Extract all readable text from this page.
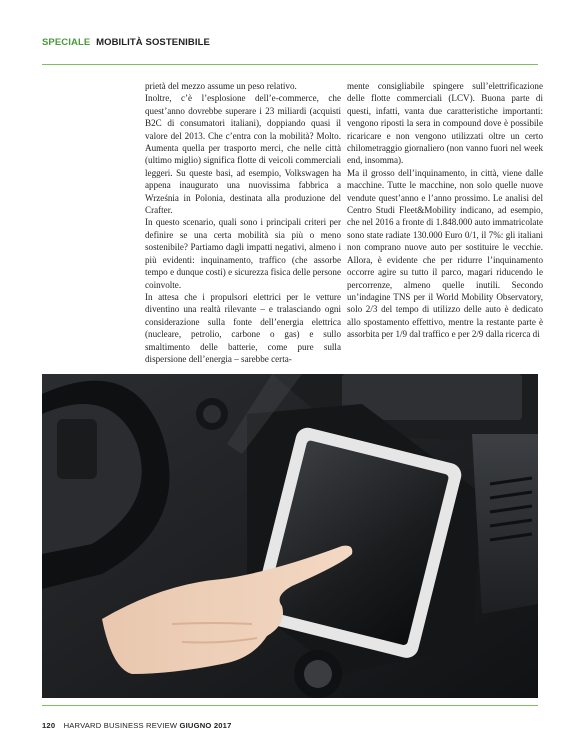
SPECIALE MOBILITÀ SOSTENIBILE

prietà del mezzo assume un peso relativo.

Inoltre, c’è l’esplosione dell’e-commerce, che quest’anno dovrebbe superare i 23 miliardi (acquisti B2C di consumatori italiani), doppiando quasi il valore del 2013. Che c’entra con la mobilità? Molto. Aumenta quella per trasporto merci, che nelle città (ultimo miglio) significa flotte di veicoli commerciali leggeri. Su queste basi, ad esempio, Volkswagen ha appena inaugurato una nuovissima fabbrica a Września in Polonia, destinata alla produzione del Crafter.

In questo scenario, quali sono i principali criteri per definire se una certa mobilità sia più o meno sostenibile? Partiamo dagli impatti negativi, almeno i più evidenti: inquinamento, traffico (che assorbe tempo e dunque costi) e sicurezza fisica delle persone coinvolte.

In attesa che i propulsori elettrici per le vetture diventino una realtà rilevante – e tralasciando ogni considerazione sulla fonte dell’energia elettrica (nucleare, petrolio, carbone o gas) e sullo smaltimento delle batterie, come pure sulla dispersione dell’energia – sarebbe certa-

mente consigliabile spingere sull’elettrificazione delle flotte commerciali (LCV). Buona parte di questi, infatti, vanta due caratteristiche importanti: vengono riposti la sera in compound dove è possibile ricaricare e non vengono utilizzati oltre un certo chilometraggio giornaliero (non vanno fuori nel week end, insomma).

Ma il grosso dell’inquinamento, in città, viene dalle macchine. Tutte le macchine, non solo quelle nuove vendute quest’anno e l’anno prossimo. Le analisi del Centro Studi Fleet&Mobility indicano, ad esempio, che nel 2016 a fronte di 1.848.000 auto immatricolate sono state radiate 130.000 Euro 0/1, il 7%: gli italiani non comprano nuove auto per sostituire le vecchie. Allora, è evidente che per ridurre l’inquinamento occorre agire su tutto il parco, magari riducendo le percorrenze, almeno quelle inutili. Secondo un’indagine TNS per il World Mobility Observatory, solo 2/3 del tempo di utilizzo delle auto è dedicato allo spostamento effettivo, mentre la restante parte è assorbita per 1/9 dal traffico e per 2/9 dalla ricerca di

120 HARVARD BUSINESS REVIEW GIUGNO 2017
